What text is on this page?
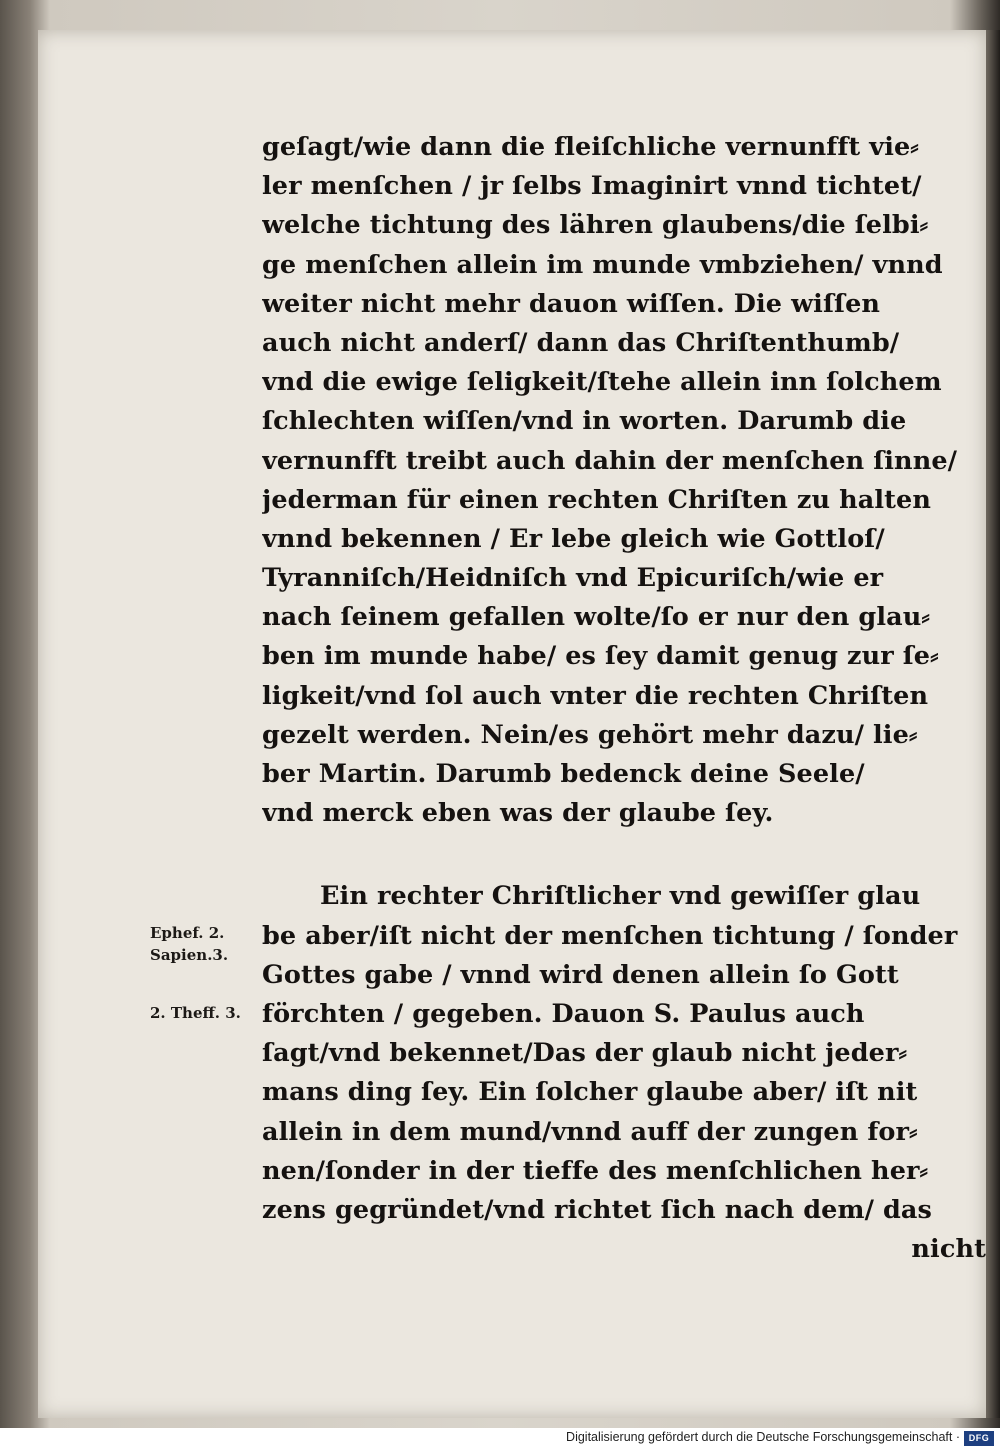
geſagt/wie dann die fleiſchliche vernunfft vie⸗
ler menſchen / jr ſelbs Imaginirt vnnd tichtet/
welche tichtung des lähren glaubens/die ſelbi⸗
ge menſchen allein im munde vmbziehen/ vnnd
weiter nicht mehr dauon wiſſen. Die wiſſen
auch nicht anderſ/ dann das Chriſtenthumb/
vnd die ewige ſeligkeit/ſtehe allein inn ſolchem
ſchlechten wiſſen/vnd in worten. Darumb die
vernunfft treibt auch dahin der menſchen ſinne/
jederman für einen rechten Chriſten zu halten
vnnd bekennen / Er lebe gleich wie Gottloſ/
Tyranniſch/Heidniſch vnd Epicuriſch/wie er
nach ſeinem gefallen wolte/ſo er nur den glau⸗
ben im munde habe/ es ſey damit genug zur ſe⸗
ligkeit/vnd ſol auch vnter die rechten Chriſten
gezelt werden. Nein/es gehört mehr dazu/ lie⸗
ber Martin. Darumb bedenck deine Seele/
vnd merck eben was der glaube ſey.
Ein rechter Chriſtlicher vnd gewiſſer glau
be aber/iſt nicht der menſchen tichtung / ſonder
Gottes gabe / vnnd wird denen allein ſo Gott
förchten / gegeben. Dauon S. Paulus auch
ſagt/vnd bekennet/Das der glaub nicht jeder⸗
mans ding ſey. Ein ſolcher glaube aber/ iſt nit
allein in dem mund/vnnd auff der zungen for⸗
nen/ſonder in der tieffe des menſchlichen her⸗
zens gegründet/vnd richtet ſich nach dem/ das
nicht
Ephef. 2.
Sapien.3.
2. Theff. 3.
Digitalisierung gefördert durch die Deutsche Forschungsgemeinschaft · DFG
